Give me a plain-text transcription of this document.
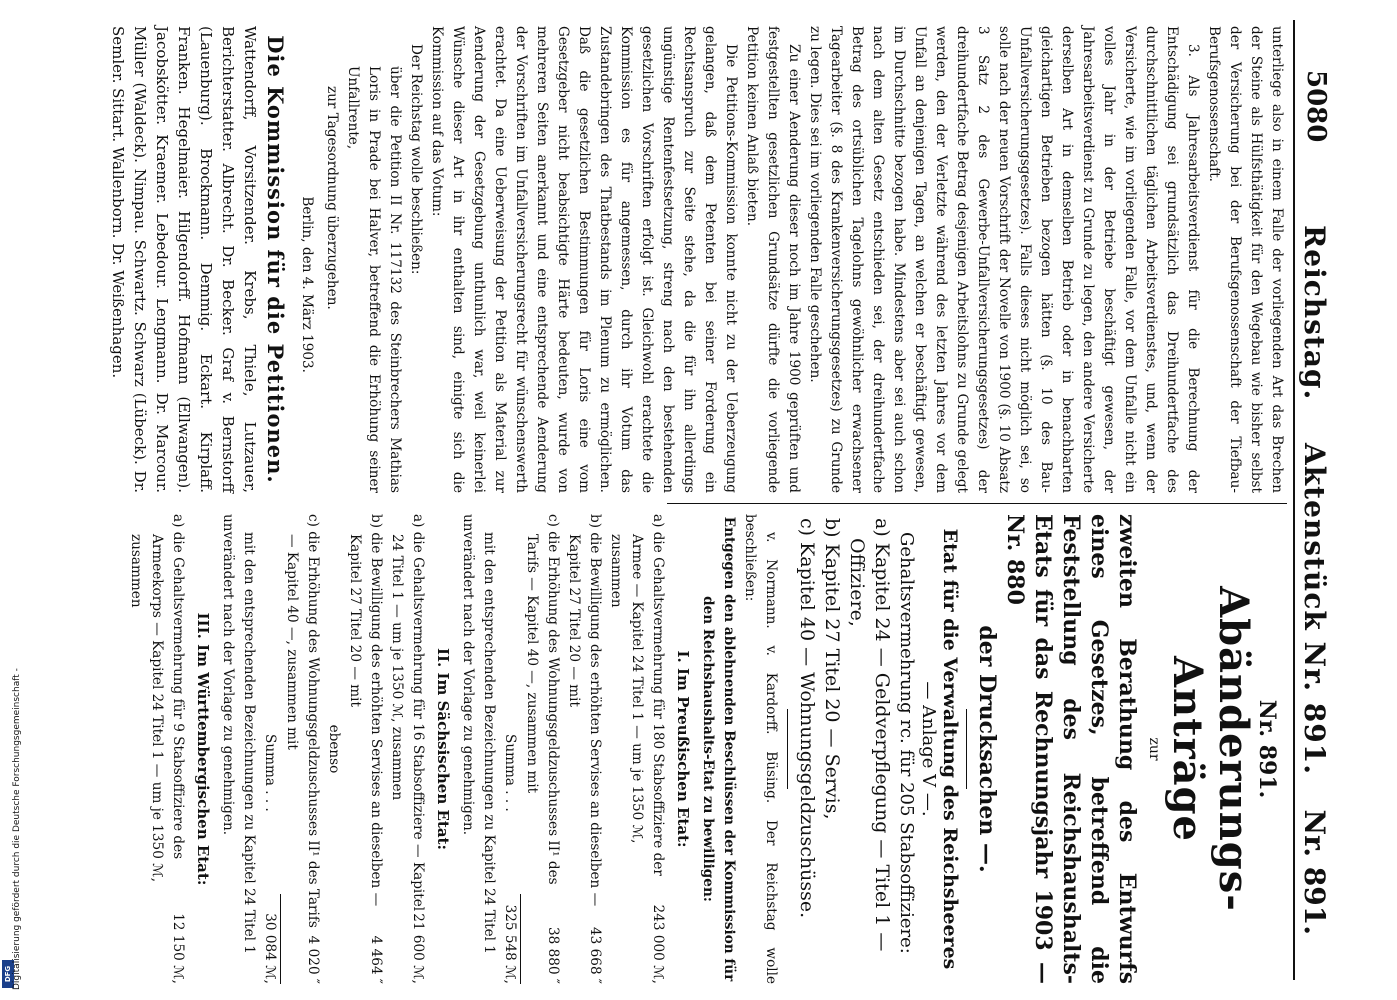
5080
Reichstag. Aktenstück Nr. 891.
Nr. 891.

unterliege also in einem Falle der vorliegenden Art das Brechen der Steine als Hülfsthätigkeit für den Wegebau wie bisher selbst der Versicherung bei der Berufsgenossenschaft der Tiefbau-Berufsgenossenschaft.

3. Als Jahresarbeitsverdienst für die Berechnung der Entschädigung sei grundsätzlich das Dreihundertfache des durchschnittlichen täglichen Arbeitsverdienstes, und, wenn der Versicherte, wie im vorliegenden Falle, vor dem Unfalle nicht ein volles Jahr in der Betriebe beschäftigt gewesen, der Jahresarbeitsverdienst zu Grunde zu legen, den andere Versicherte derselben Art in demselben Betrieb oder in benachbarten gleichartigen Betrieben bezogen hätten (§. 10 des Bau-Unfallversicherungsgesetzes). Falls dieses nicht möglich sei, so solle nach der neuen Vorschrift der Novelle von 1900 (§. 10 Absatz 3 Satz 2 des Gewerbe-Unfallversicherungsgesetzes) der dreihundertfache Betrag desjenigen Arbeitslohns zu Grunde gelegt werden, den der Verletzte während des letzten Jahres vor dem Unfall an denjenigen Tagen, an welchen er beschäftigt gewesen, im Durchschnitte bezogen habe. Mindestens aber sei auch schon nach dem alten Gesetz entschieden sei, der dreihundertfache Betrag des ortsüblichen Tagelohns gewöhnlicher erwachsener Tagearbeiter (§. 8 des Krankenversicherungsgesetzes) zu Grunde zu legen. Dies sei im vorliegenden Falle geschehen.

Zu einer Aenderung dieser noch im Jahre 1900 geprüften und festgestellten gesetzlichen Grundsätze dürfte die vorliegende Petition keinen Anlaß bieten.

Die Petitions-Kommission konnte nicht zu der Ueberzeugung gelangen, daß dem Petenten bei seiner Forderung ein Rechtsanspruch zur Seite stehe, da die für ihn allerdings ungünstige Rentenfestsetzung, streng nach den bestehenden gesetzlichen Vorschriften erfolgt ist. Gleichwohl erachtete die Kommission es für angemessen, durch ihr Votum das Zustandebringen des Thatbestands im Plenum zu ermöglichen. Daß die gesetzlichen Bestimmungen für Loris eine vom Gesetzgeber nicht beabsichtigte Härte bedeuten, wurde von mehreren Seiten anerkannt und eine entsprechende Aenderung der Vorschriften im Unfallversicherungsrecht für wünschenswerth erachtet. Da eine Ueberweisung der Petition als Material zur Aenderung der Gesetzgebung unthunlich war, weil keinerlei Wünsche dieser Art in ihr enthalten sind, einigte sich die Kommission auf das Votum:

Der Reichstag wolle beschließen:

über die Petition II Nr. 117132 des Steinbrechers Mathias Loris in Prade bei Halver, betreffend die Erhöhung seiner Unfallrente,

zur Tagesordnung überzugehen.

Berlin, den 4. März 1903.

Die Kommission für die Petitionen.

Wattendorff, Vorsitzender. Krebs, Thiele, Lutzauer, Berichterstatter. Albrecht. Dr. Becker. Graf v. Bernstorff (Lauenburg). Brockmann. Demmig. Eckart. Kirplaff. Franken. Hegelmaier. Hilgendorff. Hofmann (Ellwangen). Jacobskötter. Kraemer. Lebedour. Lengmann. Dr. Marcour. Müller (Waldeck). Nimpau. Schwartz. Schwarz (Lübeck). Dr. Semler. Sittart. Wallenborn. Dr. Weißenhagen.

Nr. 891.
Abänderungs-Anträge
zur
zweiten Berathung des Entwurfs eines Gesetzes, betreffend die Feststellung des Reichshaushalts-Etats für das Rechnungsjahr 1903 — Nr. 880
der Drucksachen —.
Etat für die Verwaltung des Reichsheeres
— Anlage V —.

Gehaltsvermehrung rc. für 205 Stabsoffiziere:

a) Kapitel 24 — Geldverpflegung — Titel 1 — Offiziere,
b) Kapitel 27 Titel 20 — Servis,
c) Kapitel 40 — Wohnungsgeldzuschüsse.

v. Normann. v. Kardorff. Büsing. Der Reichstag wolle beschließen:

Entgegen den ablehnenden Beschlüssen der Kommission für den Reichshaushalts-Etat zu bewilligen:

I. Im Preußischen Etat:
a) die Gehaltsvermehrung für 180 Stabsoffiziere der Armee — Kapitel 24 Titel 1 — um je 1350 ℳ, zusammen
243 000 ℳ,
b) die Bewilligung des erhöhten Servises an dieselben — Kapitel 27 Titel 20 — mit
43 668 ″
c) die Erhöhung des Wohnungsgeldzuschusses II¹ des Tarifs — Kapitel 40 —, zusammen mit
38 880 ″
Summa . . .
325 548 ℳ,

mit den entsprechenden Bezeichnungen zu Kapitel 24 Titel 1

unverändert nach der Vorlage zu genehmigen.

II. Im Sächsischen Etat:
a) die Gehaltsvermehrung für 16 Stabsoffiziere — Kapitel 24 Titel 1 — um je 1350 ℳ, zusammen
21 600 ℳ,
b) die Bewilligung des erhöhten Servises an dieselben — Kapitel 27 Titel 20 — mit
4 464 ″
ebenso
c) die Erhöhung des Wohnungsgeldzuschusses II¹ des Tarifs — Kapitel 40 —, zusammen mit
4 020 ″
Summa . . .
30 084 ℳ,

mit den entsprechenden Bezeichnungen zu Kapitel 24 Titel 1

unverändert nach der Vorlage zu genehmigen.

III. Im Württembergischen Etat:
a) die Gehaltsvermehrung für 9 Stabsoffiziere des Armeekorps — Kapitel 24 Titel 1 — um je 1350 ℳ, zusammen
12 150 ℳ,
DFG Digitalisierung gefördert durch die Deutsche Forschungsgemeinschaft -
